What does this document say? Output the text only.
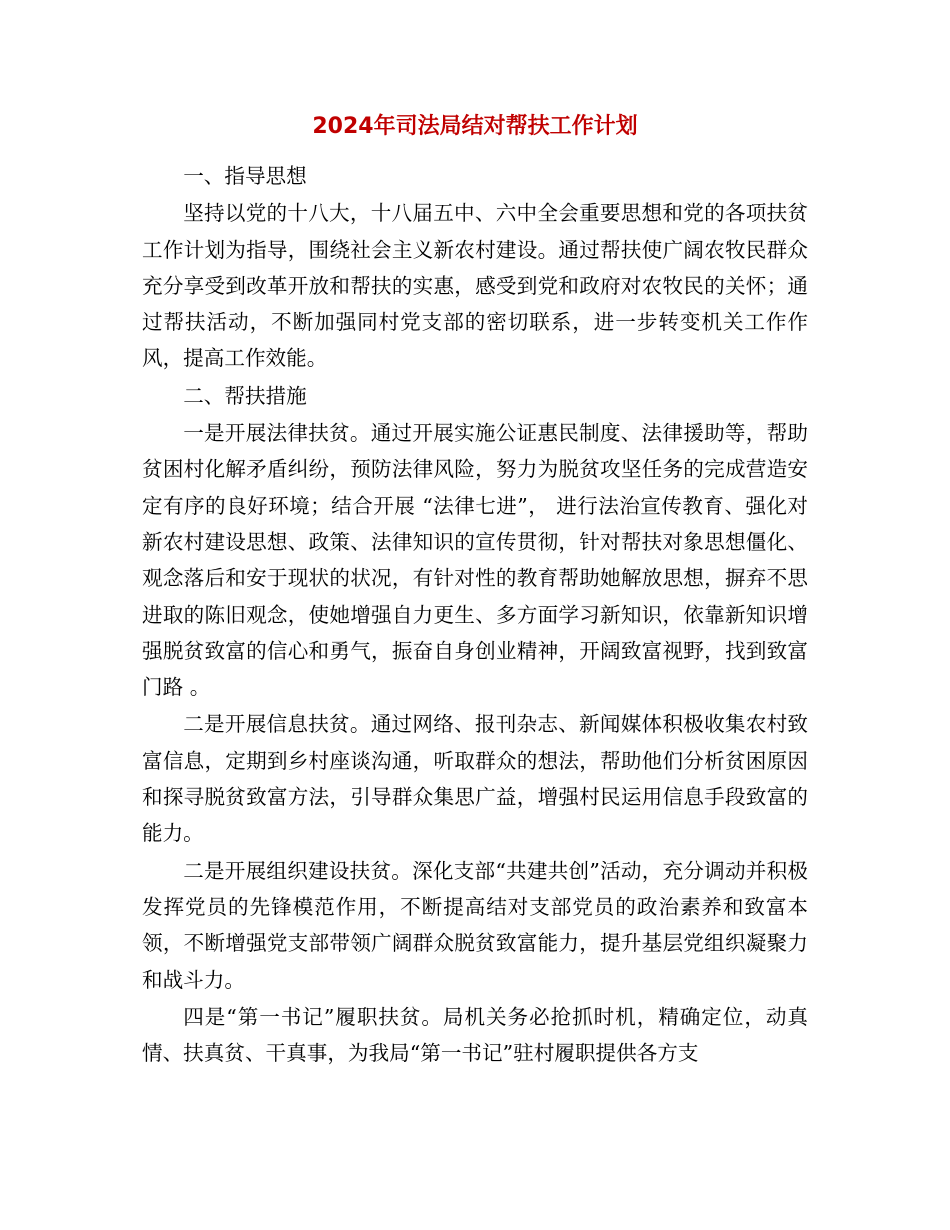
2024年司法局结对帮扶工作计划

一、指导思想

坚持以党的十八大，十八届五中、六中全会重要思想和党的各项扶贫工作计划为指导，围绕社会主义新农村建设。通过帮扶使广阔农牧民群众充分享受到改革开放和帮扶的实惠，感受到党和政府对农牧民的关怀；通过帮扶活动，不断加强同村党支部的密切联系，进一步转变机关工作作风，提高工作效能。

二、帮扶措施

一是开展法律扶贫。通过开展实施公证惠民制度、法律援助等，帮助贫困村化解矛盾纠纷，预防法律风险，努力为脱贫攻坚任务的完成营造安定有序的良好环境；结合开展 “法律七进”， 进行法治宣传教育、强化对新农村建设思想、政策、法律知识的宣传贯彻，针对帮扶对象思想僵化、观念落后和安于现状的状况，有针对性的教育帮助她解放思想，摒弃不思进取的陈旧观念，使她增强自力更生、多方面学习新知识，依靠新知识增强脱贫致富的信心和勇气，振奋自身创业精神，开阔致富视野，找到致富门路 。

二是开展信息扶贫。通过网络、报刊杂志、新闻媒体积极收集农村致富信息，定期到乡村座谈沟通，听取群众的想法，帮助他们分析贫困原因和探寻脱贫致富方法，引导群众集思广益，增强村民运用信息手段致富的能力。

二是开展组织建设扶贫。深化支部“共建共创”活动，充分调动并积极发挥党员的先锋模范作用，不断提高结对支部党员的政治素养和致富本领，不断增强党支部带领广阔群众脱贫致富能力，提升基层党组织凝聚力和战斗力。

四是“第一书记”履职扶贫。局机关务必抢抓时机，精确定位，动真情、扶真贫、干真事，为我局“第一书记”驻村履职提供各方支
